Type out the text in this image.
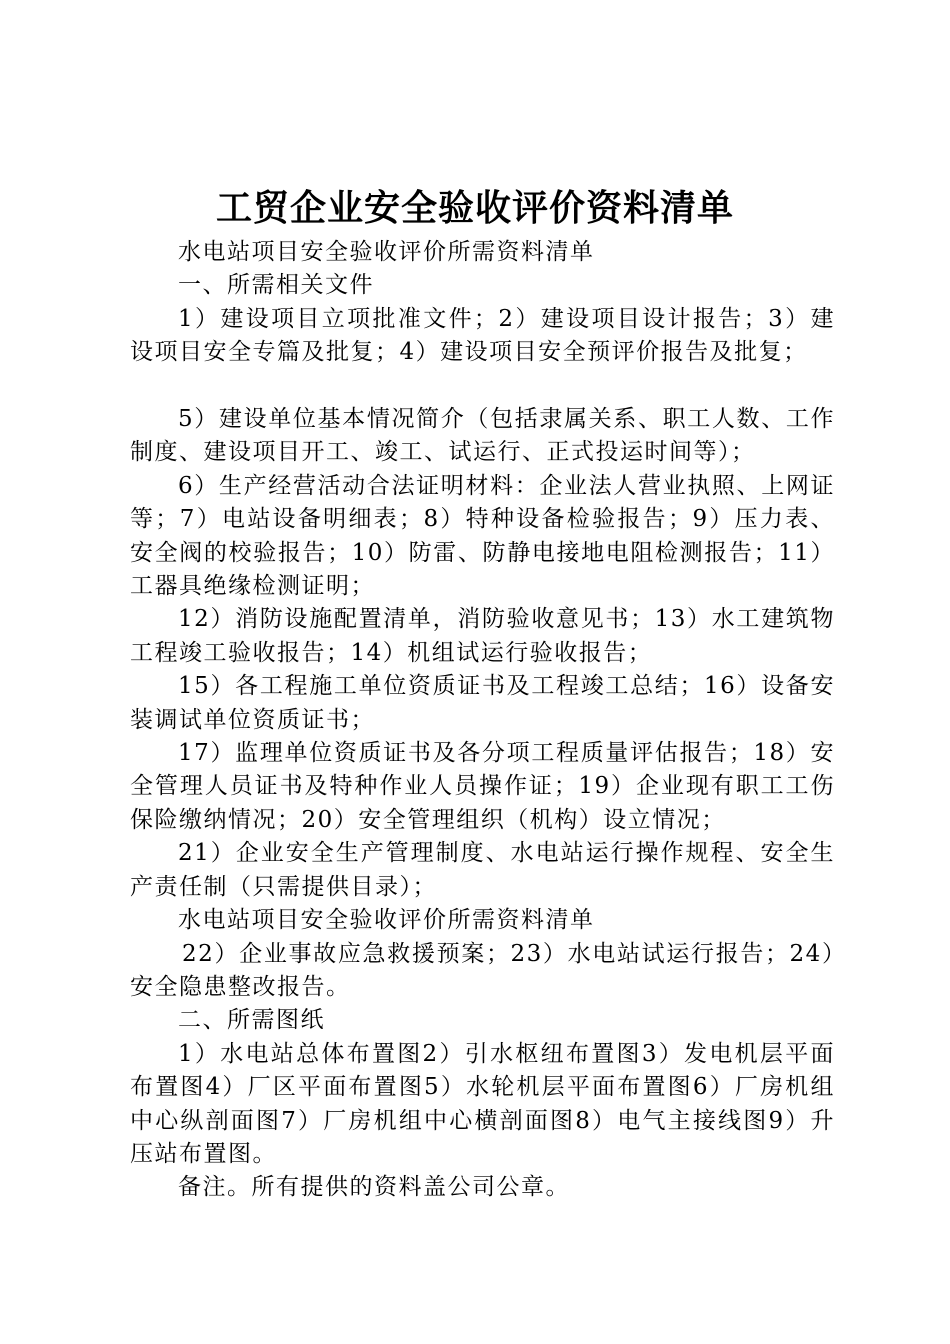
工贸企业安全验收评价资料清单

水电站项目安全验收评价所需资料清单

一、所需相关文件

1）建设项目立项批准文件；2）建设项目设计报告；3）建设项目安全专篇及批复；4）建设项目安全预评价报告及批复；

5）建设单位基本情况简介（包括隶属关系、职工人数、工作制度、建设项目开工、竣工、试运行、正式投运时间等）；

6）生产经营活动合法证明材料：企业法人营业执照、上网证等；7）电站设备明细表；8）特种设备检验报告；9）压力表、安全阀的校验报告；10）防雷、防静电接地电阻检测报告；11）工器具绝缘检测证明；

12）消防设施配置清单，消防验收意见书；13）水工建筑物工程竣工验收报告；14）机组试运行验收报告；

15）各工程施工单位资质证书及工程竣工总结；16）设备安装调试单位资质证书；

17）监理单位资质证书及各分项工程质量评估报告；18）安全管理人员证书及特种作业人员操作证；19）企业现有职工工伤保险缴纳情况；20）安全管理组织（机构）设立情况；

21）企业安全生产管理制度、水电站运行操作规程、安全生产责任制（只需提供目录）；

水电站项目安全验收评价所需资料清单

22）企业事故应急救援预案；23）水电站试运行报告；24）安全隐患整改报告。

二、所需图纸

1）水电站总体布置图2）引水枢纽布置图3）发电机层平面布置图4）厂区平面布置图5）水轮机层平面布置图6）厂房机组中心纵剖面图7）厂房机组中心横剖面图8）电气主接线图9）升压站布置图。

备注。所有提供的资料盖公司公章。
